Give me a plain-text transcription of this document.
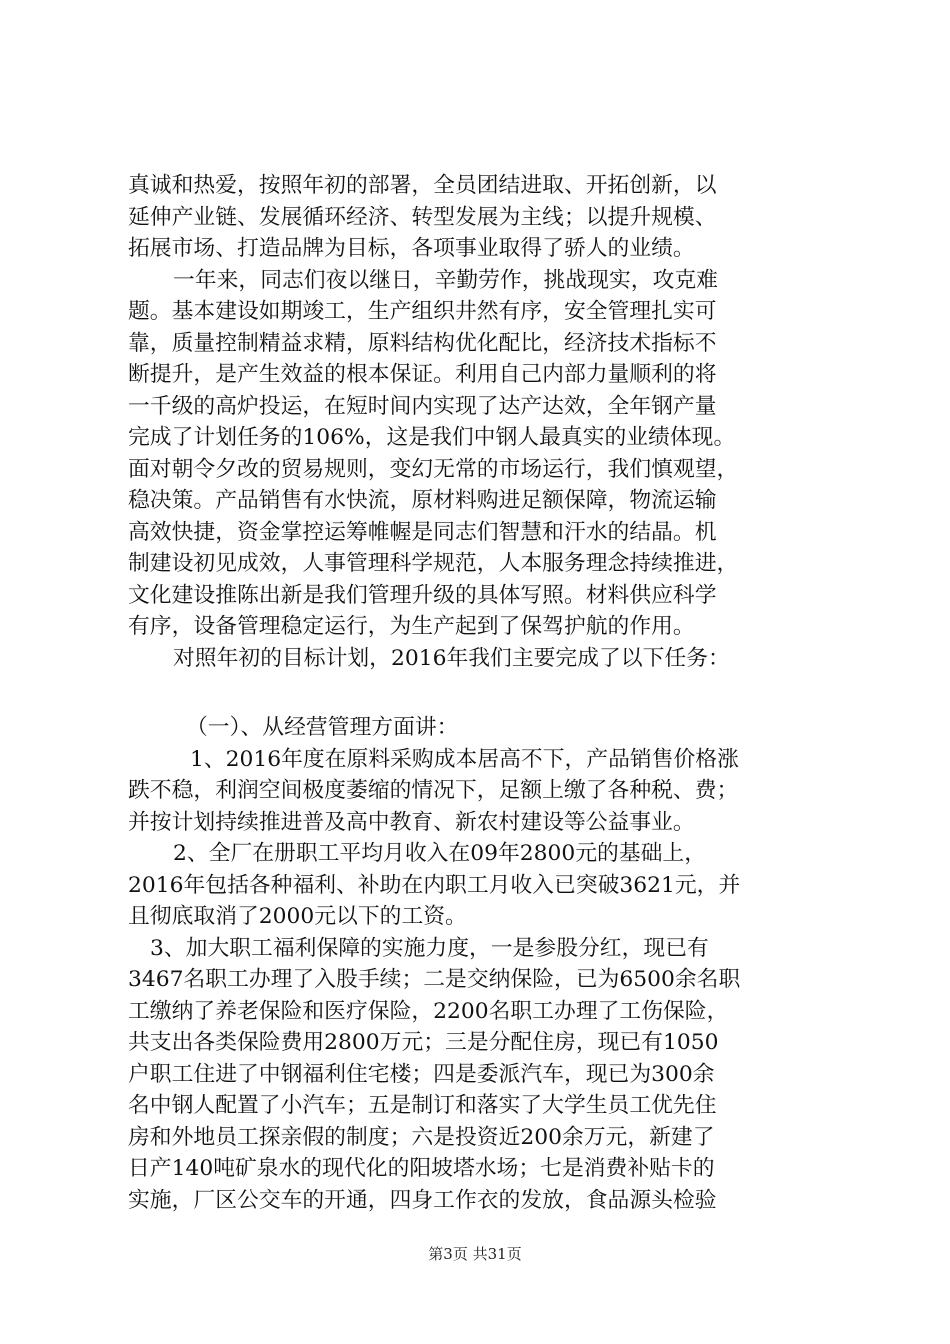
真诚和热爱，按照年初的部署，全员团结进取、开拓创新，以
延伸产业链、发展循环经济、转型发展为主线；以提升规模、
拓展市场、打造品牌为目标，各项事业取得了骄人的业绩。
一年来，同志们夜以继日，辛勤劳作，挑战现实，攻克难
题。基本建设如期竣工，生产组织井然有序，安全管理扎实可
靠，质量控制精益求精，原料结构优化配比，经济技术指标不
断提升，是产生效益的根本保证。利用自己内部力量顺利的将
一千级的高炉投运，在短时间内实现了达产达效，全年钢产量
完成了计划任务的106%，这是我们中钢人最真实的业绩体现。
面对朝令夕改的贸易规则，变幻无常的市场运行，我们慎观望，
稳决策。产品销售有水快流，原材料购进足额保障，物流运输
高效快捷，资金掌控运筹帷幄是同志们智慧和汗水的结晶。机
制建设初见成效，人事管理科学规范，人本服务理念持续推进，
文化建设推陈出新是我们管理升级的具体写照。材料供应科学
有序，设备管理稳定运行，为生产起到了保驾护航的作用。
对照年初的目标计划，2016年我们主要完成了以下任务：
（一）、从经营管理方面讲：
1、2016年度在原料采购成本居高不下，产品销售价格涨
跌不稳，利润空间极度萎缩的情况下，足额上缴了各种税、费；
并按计划持续推进普及高中教育、新农村建设等公益事业。
2、全厂在册职工平均月收入在09年2800元的基础上，
2016年包括各种福利、补助在内职工月收入已突破3621元，并
且彻底取消了2000元以下的工资。
3、加大职工福利保障的实施力度，一是参股分红，现已有
3467名职工办理了入股手续；二是交纳保险，已为6500余名职
工缴纳了养老保险和医疗保险，2200名职工办理了工伤保险，
共支出各类保险费用2800万元；三是分配住房，现已有1050
户职工住进了中钢福利住宅楼；四是委派汽车，现已为300余
名中钢人配置了小汽车；五是制订和落实了大学生员工优先住
房和外地员工探亲假的制度；六是投资近200余万元，新建了
日产140吨矿泉水的现代化的阳坡塔水场；七是消费补贴卡的
实施，厂区公交车的开通，四身工作衣的发放，食品源头检验
第3页 共31页
